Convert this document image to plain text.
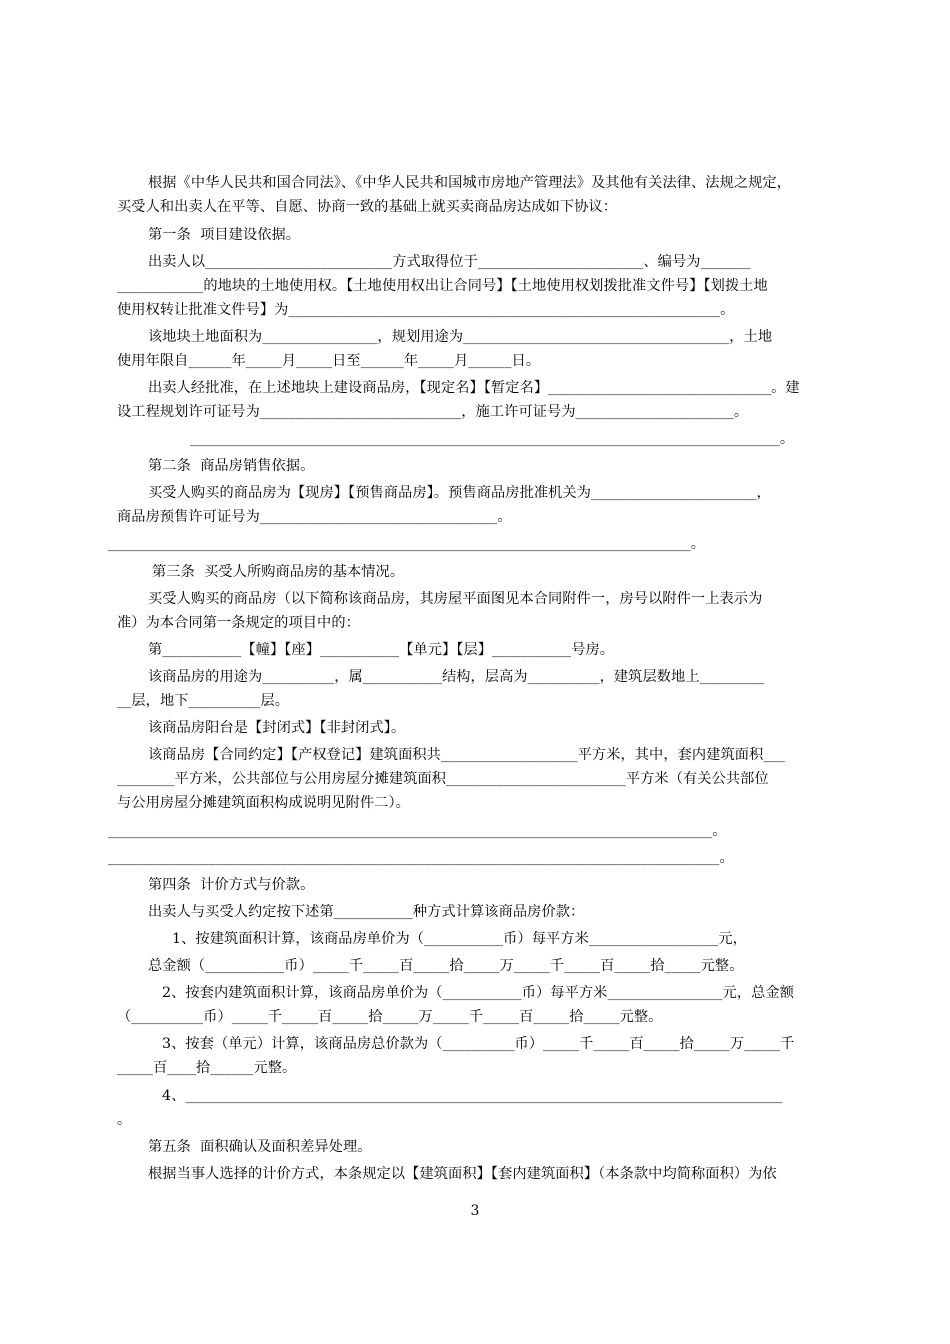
根据《中华人民共和国合同法》、《中华人民共和国城市房地产管理法》及其他有关法律、法规之规定，
买受人和出卖人在平等、自愿、协商一致的基础上就买卖商品房达成如下协议：
第一条  项目建设依据。
出卖人以__________________________方式取得位于_______________________、编号为_______
____________的地块的土地使用权。【土地使用权出让合同号】【土地使用权划拨批准文件号】【划拨土地
使用权转让批准文件号】为____________________________________________________________。
该地块土地面积为________________，规划用途为_____________________________________，土地
使用年限自______年_____月_____日至______年_____月______日。
出卖人经批准，在上述地块上建设商品房，【现定名】【暂定名】_______________________________。建
设工程规划许可证号为____________________________，施工许可证号为______________________。
__________________________________________________________________________________。
第二条  商品房销售依据。
买受人购买的商品房为【现房】【预售商品房】。预售商品房批准机关为_______________________，
商品房预售许可证号为_________________________________。
_________________________________________________________________________________。
第三条  买受人所购商品房的基本情况。
买受人购买的商品房（以下简称该商品房，其房屋平面图见本合同附件一，房号以附件一上表示为
准）为本合同第一条规定的项目中的：
第___________【幢】【座】___________【单元】【层】___________号房。
该商品房的用途为__________，属___________结构，层高为__________，建筑层数地上_________
__层，地下__________层。
该商品房阳台是【封闭式】【非封闭式】。
该商品房【合同约定】【产权登记】建筑面积共___________________平方米，其中，套内建筑面积___
________平方米，公共部位与公用房屋分摊建筑面积_________________________平方米（有关公共部位
与公用房屋分摊建筑面积构成说明见附件二）。
____________________________________________________________________________________。
_____________________________________________________________________________________。
第四条  计价方式与价款。
出卖人与买受人约定按下述第___________种方式计算该商品房价款：
1、按建筑面积计算，该商品房单价为（___________币）每平方米__________________元，
总金额（___________币）_____千_____百_____拾_____万_____千_____百_____拾_____元整。
2、按套内建筑面积计算，该商品房单价为（___________币）每平方米________________元，总金额
（__________币）_____千_____百_____拾_____万_____千_____百_____拾_____元整。
3、按套（单元）计算，该商品房总价款为（__________币）_____千_____百_____拾_____万_____千
_____百____拾______元整。
4、___________________________________________________________________________________
。
第五条  面积确认及面积差异处理。
根据当事人选择的计价方式，本条规定以【建筑面积】【套内建筑面积】（本条款中均简称面积）为依
3
